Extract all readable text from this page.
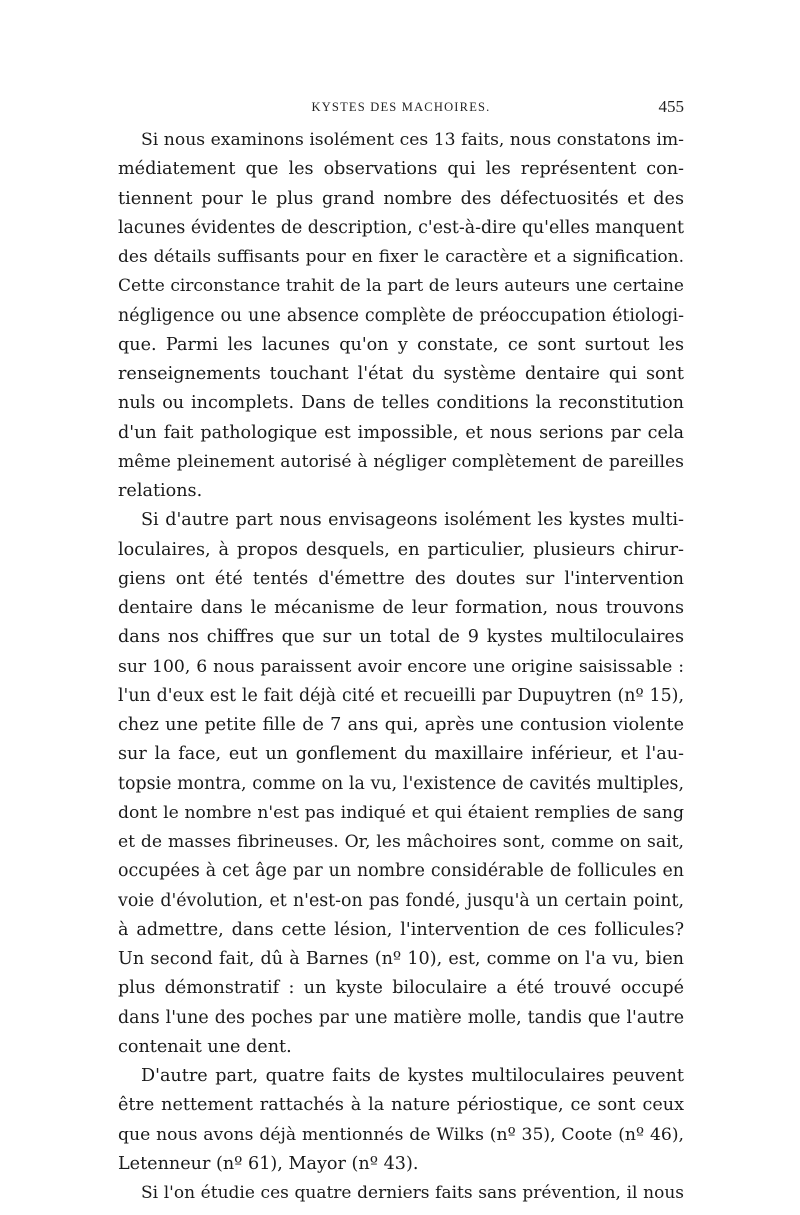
KYSTES DES MACHOIRES.	455
Si nous examinons isolément ces 13 faits, nous constatons im-
médiatement que les observations qui les représentent con-
tiennent pour le plus grand nombre des défectuosités et des
lacunes évidentes de description, c'est-à-dire qu'elles manquent
des détails suffisants pour en fixer le caractère et a signification.
Cette circonstance trahit de la part de leurs auteurs une certaine
négligence ou une absence complète de préoccupation étiologi-
que. Parmi les lacunes qu'on y constate, ce sont surtout les
renseignements touchant l'état du système dentaire qui sont
nuls ou incomplets. Dans de telles conditions la reconstitution
d'un fait pathologique est impossible, et nous serions par cela
même pleinement autorisé à négliger complètement de pareilles
relations.
Si d'autre part nous envisageons isolément les kystes multi-
loculaires, à propos desquels, en particulier, plusieurs chirur-
giens ont été tentés d'émettre des doutes sur l'intervention
dentaire dans le mécanisme de leur formation, nous trouvons
dans nos chiffres que sur un total de 9 kystes multiloculaires
sur 100, 6 nous paraissent avoir encore une origine saisissable :
l'un d'eux est le fait déjà cité et recueilli par Dupuytren (nº 15),
chez une petite fille de 7 ans qui, après une contusion violente
sur la face, eut un gonflement du maxillaire inférieur, et l'au-
topsie montra, comme on la vu, l'existence de cavités multiples,
dont le nombre n'est pas indiqué et qui étaient remplies de sang
et de masses fibrineuses. Or, les mâchoires sont, comme on sait,
occupées à cet âge par un nombre considérable de follicules en
voie d'évolution, et n'est-on pas fondé, jusqu'à un certain point,
à admettre, dans cette lésion, l'intervention de ces follicules?
Un second fait, dû à Barnes (nº 10), est, comme on l'a vu, bien
plus démonstratif : un kyste biloculaire a été trouvé occupé
dans l'une des poches par une matière molle, tandis que l'autre
contenait une dent.
D'autre part, quatre faits de kystes multiloculaires peuvent
être nettement rattachés à la nature périostique, ce sont ceux
que nous avons déjà mentionnés de Wilks (nº 35), Coote (nº 46),
Letenneur (nº 61), Mayor (nº 43).
Si l'on étudie ces quatre derniers faits sans prévention, il nous
